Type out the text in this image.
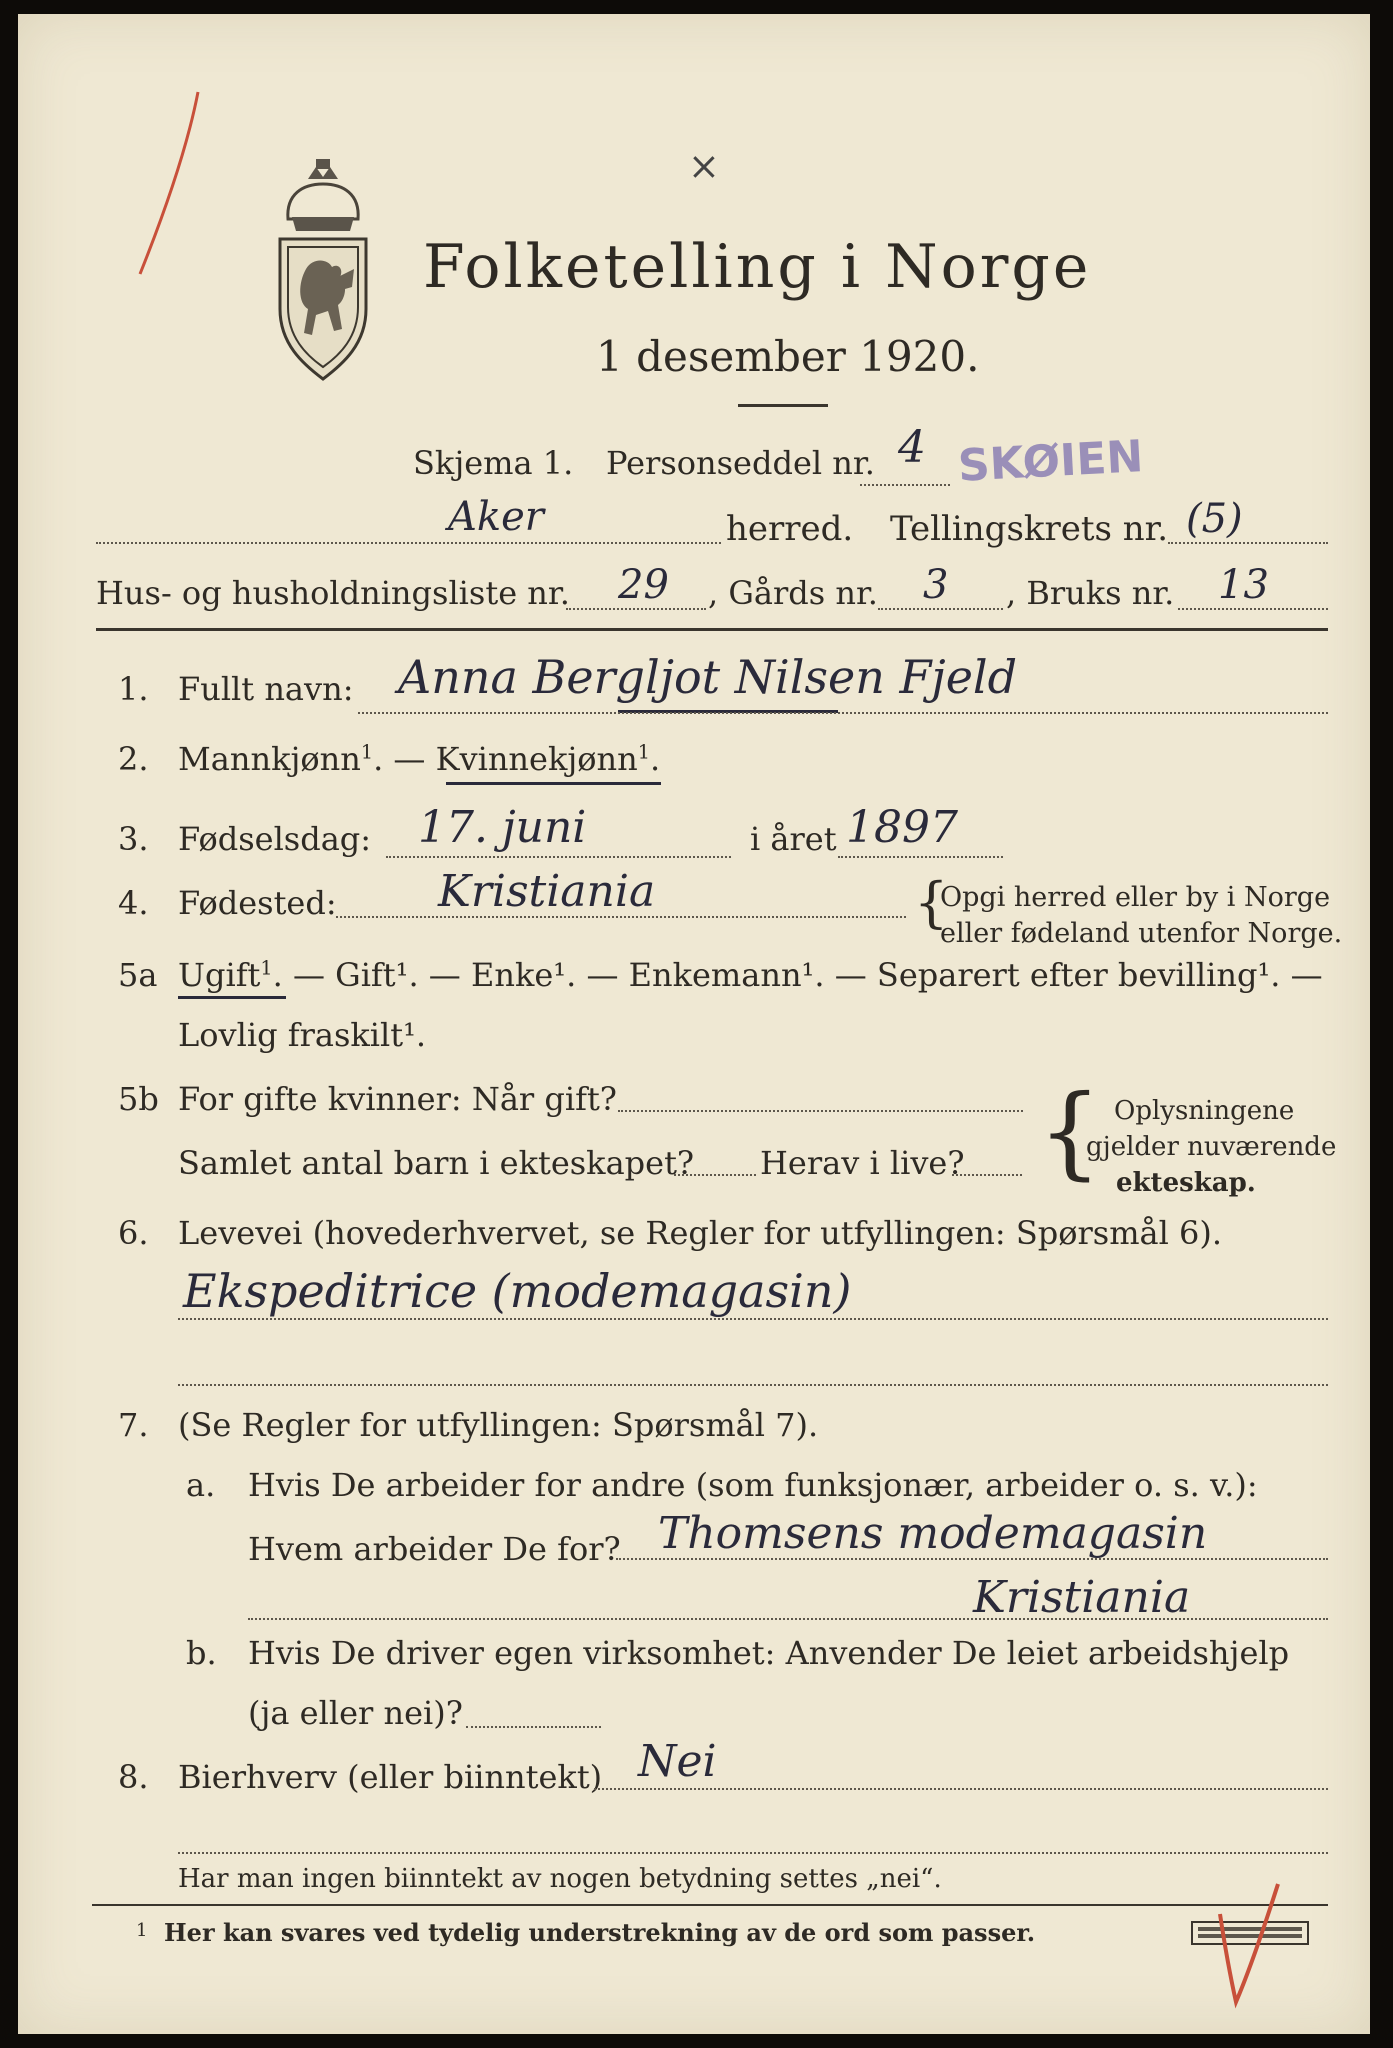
×
Folketelling i Norge
1 desember 1920.
Skjema 1. Personseddel nr. 4 SKØIEN
Aker	herred. Tellingskrets nr. (5)
Hus- og husholdningsliste nr. 29 , Gårds nr. 3 , Bruks nr. 13
1. Fullt navn: Anna Bergljot Nilsen Fjeld
2. Mannkjønn$^1$. — Kvinnekjønn$^1$.
3. Fødselsdag: 17. juni	i året 1897
4. Fødested: Kristiania	{
Opgi herred eller by i Norge
eller fødeland utenfor Norge.
5a Ugift$^1$. — Gift¹. — Enke¹. — Enkemann¹. — Separert efter bevilling¹. —
Lovlig fraskilt¹.
5b For gifte kvinner: Når gift?
Samlet antal barn i ekteskapet? Herav i live? { Oplysningene
gjelder nuværende
ekteskap.
6. Levevei (hovederhvervet, se Regler for utfyllingen: Spørsmål 6).
Ekspeditrice (modemagasin)
7. (Se Regler for utfyllingen: Spørsmål 7).
a. Hvis De arbeider for andre (som funksjonær, arbeider o. s. v.):
Hvem arbeider De for? Thomsens modemagasin
Kristiania
b. Hvis De driver egen virksomhet: Anvender De leiet arbeidshjelp
(ja eller nei)?
8. Bierhverv (eller biinntekt) Nei
Har man ingen biinntekt av nogen betydning settes „nei“.
1 Her kan svares ved tydelig understrekning av de ord som passer.
